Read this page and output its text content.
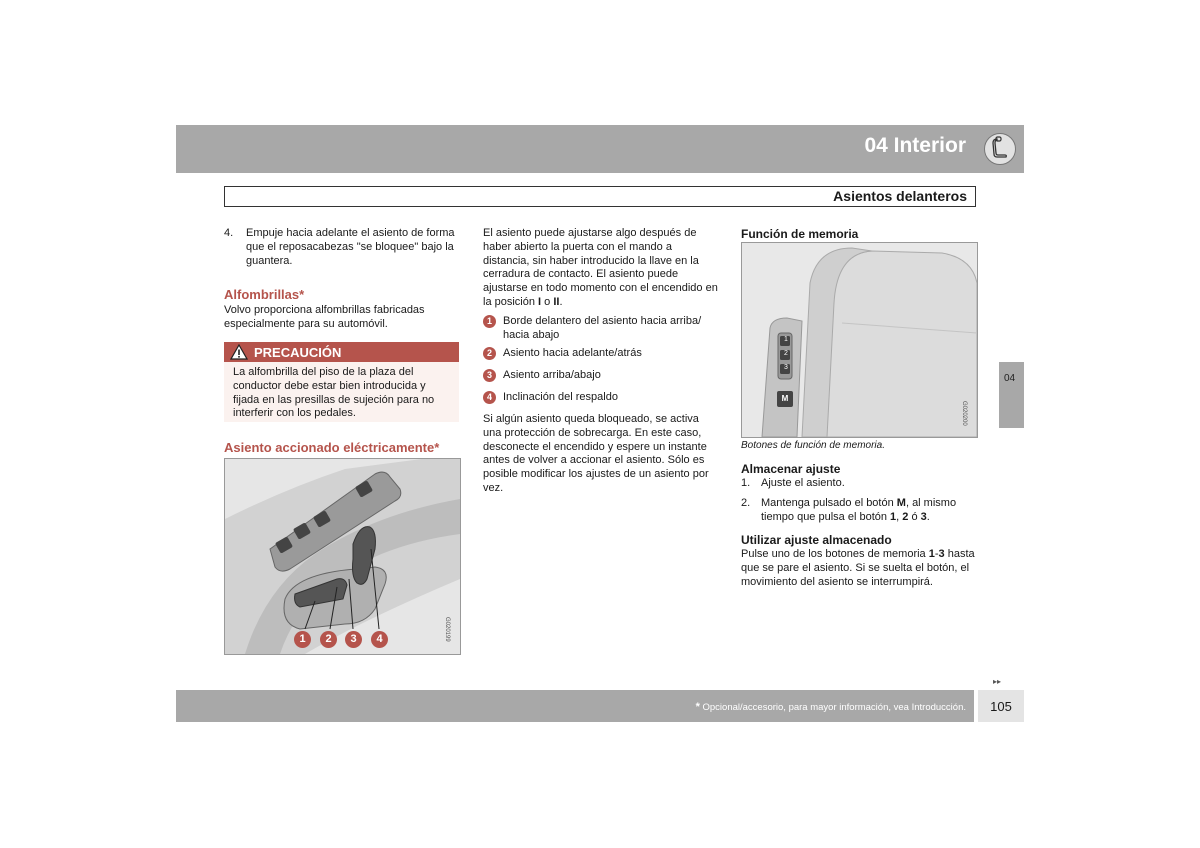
04 Interior
Asientos delanteros
4. Empuje hacia adelante el asiento de forma que el reposacabezas "se bloquee" bajo la guantera.
Alfombrillas*
Volvo proporciona alfombrillas fabricadas especialmente para su automóvil.
PRECAUCIÓN
La alfombrilla del piso de la plaza del conductor debe estar bien introducida y fijada en las presillas de sujeción para no interferir con los pedales.
Asiento accionado eléctricamente*
1	2	3	4	G020199
El asiento puede ajustarse algo después de haber abierto la puerta con el mando a distancia, sin haber introducido la llave en la cerradura de contacto. El asiento puede ajustarse en todo momento con el encendido en la posición I o II.
1	Borde delantero del asiento hacia arriba/ hacia abajo
2	Asiento hacia adelante/atrás
3	Asiento arriba/abajo
4	Inclinación del respaldo
Si algún asiento queda bloqueado, se activa una protección de sobrecarga. En este caso, desconecte el encendido y espere un instante antes de volver a accionar el asiento. Sólo es posible modificar los ajustes de un asiento por vez.
Función de memoria
1
2
3
M
G020200
Botones de función de memoria.
Almacenar ajuste
1. Ajuste el asiento.
2. Mantenga pulsado el botón M, al mismo tiempo que pulsa el botón 1, 2 ó 3.
Utilizar ajuste almacenado
Pulse uno de los botones de memoria 1-3 hasta que se pare el asiento. Si se suelta el botón, el movimiento del asiento se interrumpirá.
04
▸▸
* Opcional/accesorio, para mayor información, vea Introducción.	105
